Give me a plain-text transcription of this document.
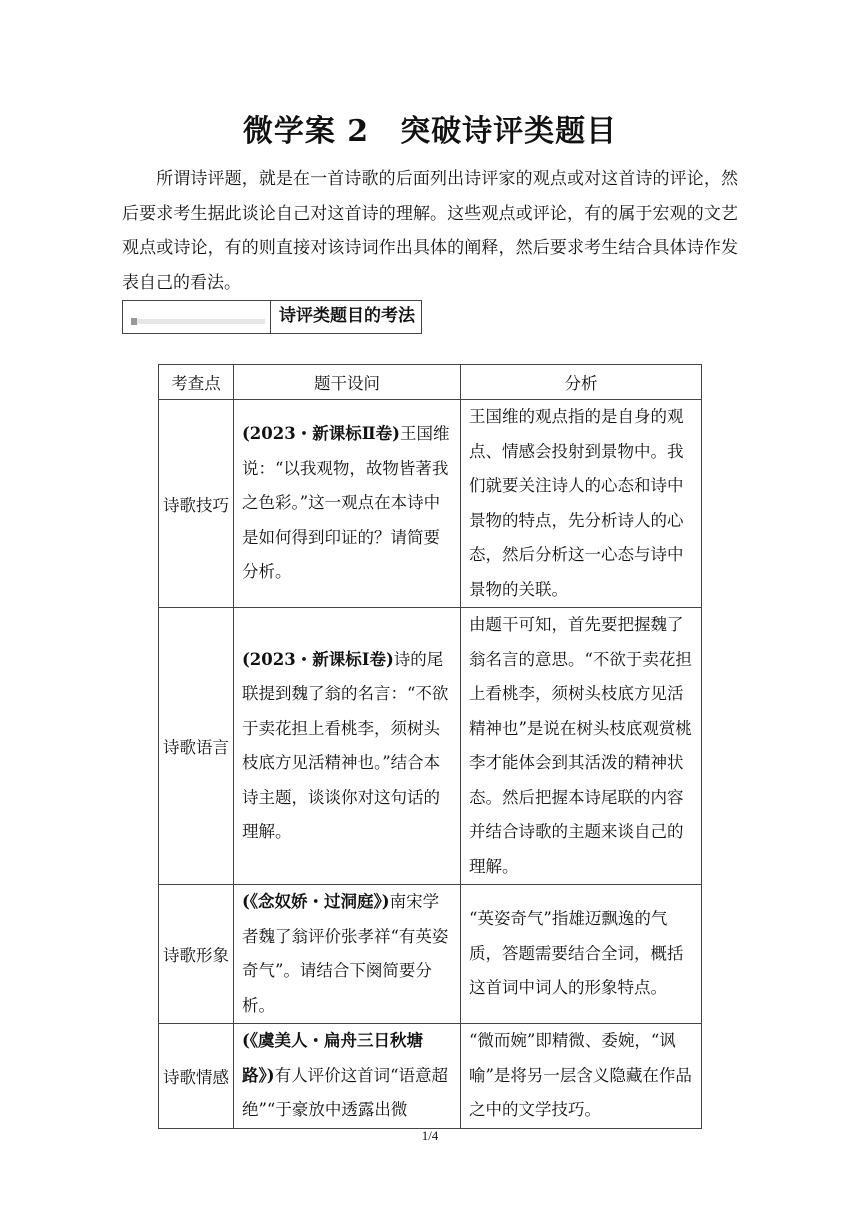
微学案 2　突破诗评类题目

所谓诗评题，就是在一首诗歌的后面列出诗评家的观点或对这首诗的评论，然后要求考生据此谈论自己对这首诗的理解。这些观点或评论，有的属于宏观的文艺观点或诗论，有的则直接对该诗词作出具体的阐释，然后要求考生结合具体诗作发表自己的看法。

诗评类题目的考法
考查点	题干设问	分析
诗歌技巧	(2023・新课标Ⅱ卷)王国维说：“以我观物，故物皆著我之色彩。”这一观点在本诗中是如何得到印证的？请简要分析。	王国维的观点指的是自身的观点、情感会投射到景物中。我们就要关注诗人的心态和诗中景物的特点，先分析诗人的心态，然后分析这一心态与诗中景物的关联。
诗歌语言	(2023・新课标Ⅰ卷)诗的尾联提到魏了翁的名言：“不欲于卖花担上看桃李，须树头枝底方见活精神也。”结合本诗主题，谈谈你对这句话的理解。	由题干可知，首先要把握魏了翁名言的意思。“不欲于卖花担上看桃李，须树头枝底方见活精神也”是说在树头枝底观赏桃李才能体会到其活泼的精神状态。然后把握本诗尾联的内容并结合诗歌的主题来谈自己的理解。
诗歌形象	(《念奴娇・过洞庭》)南宋学者魏了翁评价张孝祥“有英姿奇气”。请结合下阕简要分析。	“英姿奇气”指雄迈飘逸的气质，答题需要结合全词，概括这首词中词人的形象特点。
诗歌情感	(《虞美人・扁舟三日秋塘路》)有人评价这首词“语意超绝”“于豪放中透露出微	“微而婉”即精微、委婉，“讽喻”是将另一层含义隐藏在作品之中的文学技巧。
1/4
